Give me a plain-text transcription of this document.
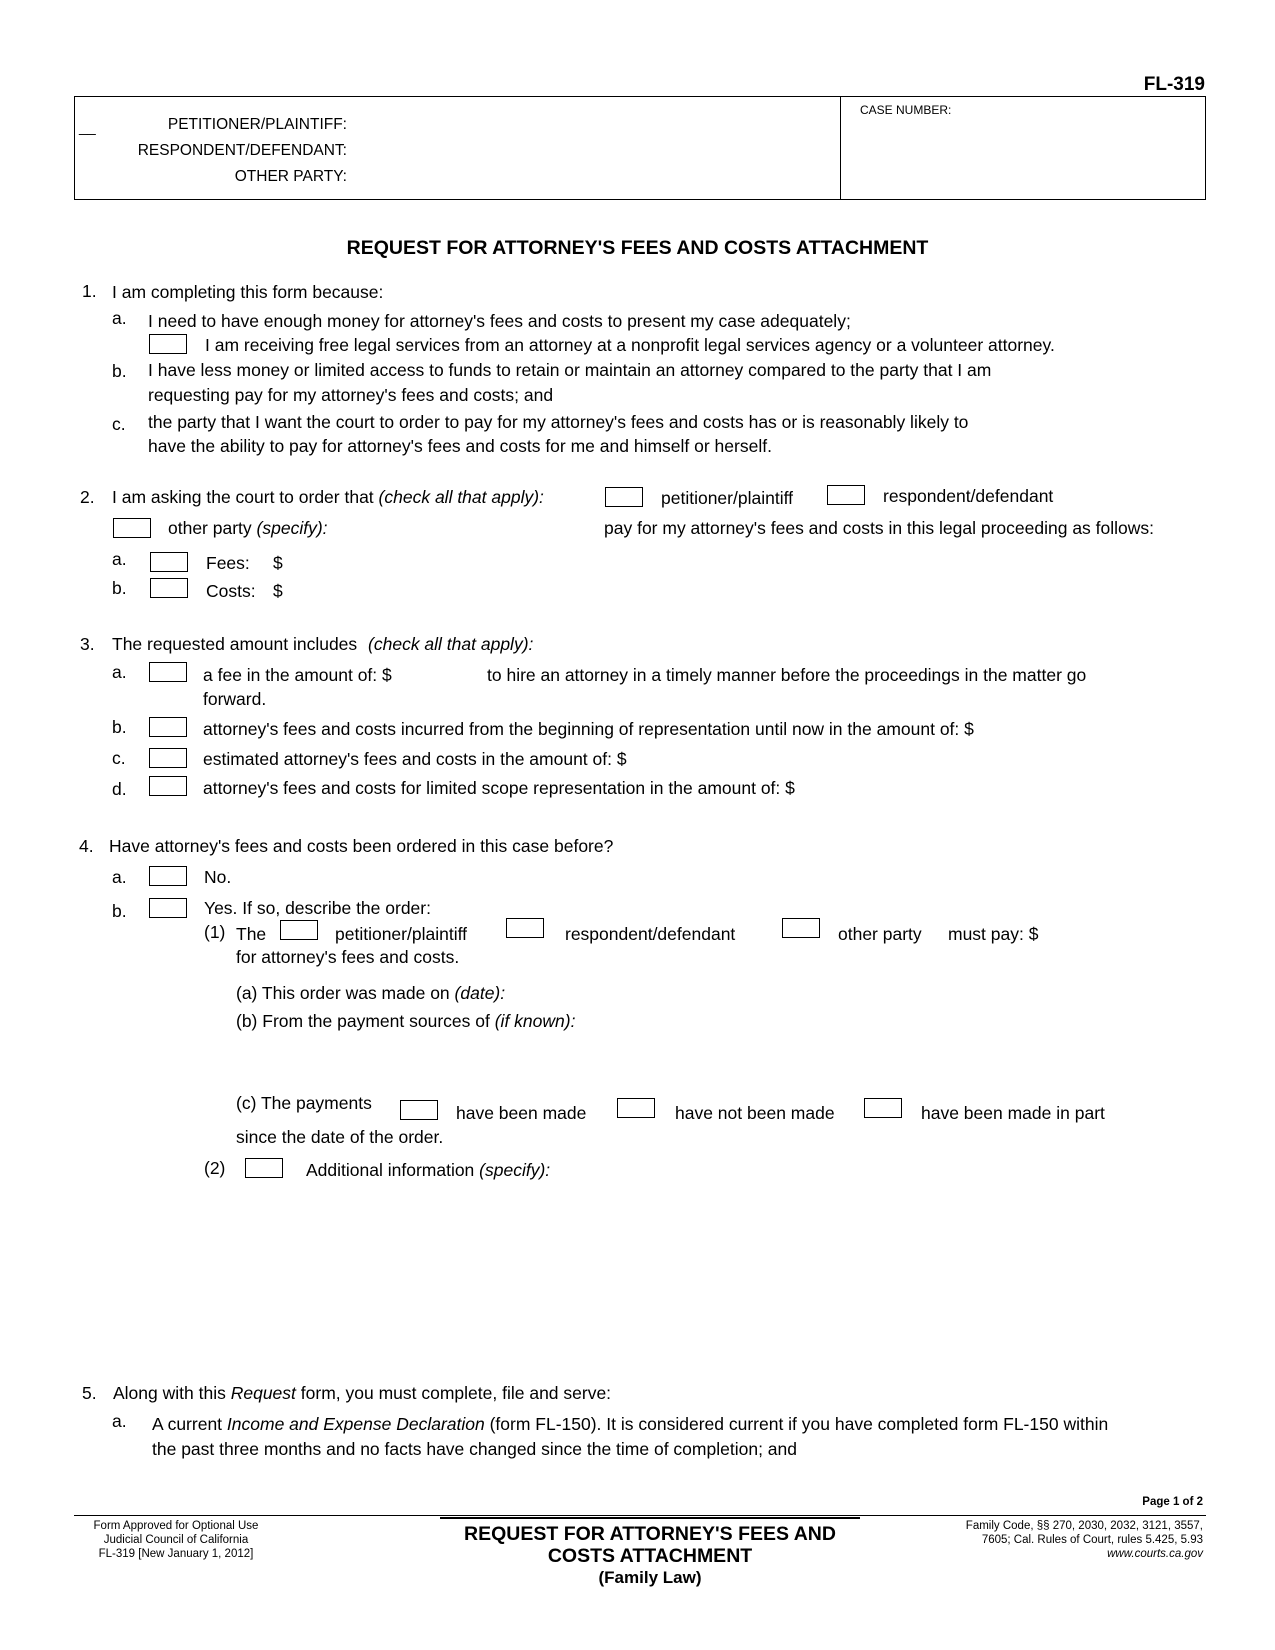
FL-319
__	PETITIONER/PLAINTIFF:
RESPONDENT/DEFENDANT:
OTHER PARTY:
CASE NUMBER:
REQUEST FOR ATTORNEY'S FEES AND COSTS ATTACHMENT
1. I am completing this form because:
a. I need to have enough money for attorney's fees and costs to present my case adequately;
I am receiving free legal services from an attorney at a nonprofit legal services agency or a volunteer attorney.
b. I have less money or limited access to funds to retain or maintain an attorney compared to the party that I am
requesting pay for my attorney's fees and costs; and
c. the party that I want the court to order to pay for my attorney's fees and costs has or is reasonably likely to
have the ability to pay for attorney's fees and costs for me and himself or herself.
2. I am asking the court to order that (check all that apply):	petitioner/plaintiff	respondent/defendant
other party (specify):	pay for my attorney's fees and costs in this legal proceeding as follows:
a.	Fees: $
b.	Costs: $
3. The requested amount includes (check all that apply):
a.	a fee in the amount of: $	to hire an attorney in a timely manner before the proceedings in the matter go
forward.
b.	attorney's fees and costs incurred from the beginning of representation until now in the amount of: $
c.	estimated attorney's fees and costs in the amount of: $
d.	attorney's fees and costs for limited scope representation in the amount of: $
4. Have attorney's fees and costs been ordered in this case before?
a.	No.
b.	Yes. If so, describe the order:
(1) The	petitioner/plaintiff	respondent/defendant	other party must pay: $
for attorney's fees and costs.
(a) This order was made on (date):
(b) From the payment sources of (if known):
(c) The payments	have been made	have not been made	have been made in part
since the date of the order.
(2)	Additional information (specify):
5. Along with this Request form, you must complete, file and serve:
a. A current Income and Expense Declaration (form FL-150). It is considered current if you have completed form FL-150 within
the past three months and no facts have changed since the time of completion; and
Page 1 of 2
Form Approved for Optional Use
Judicial Council of California
FL-319 [New January 1, 2012]
REQUEST FOR ATTORNEY'S FEES AND
COSTS ATTACHMENT
(Family Law)
Family Code, §§ 270, 2030, 2032, 3121, 3557,
7605; Cal. Rules of Court, rules 5.425, 5.93
www.courts.ca.gov
